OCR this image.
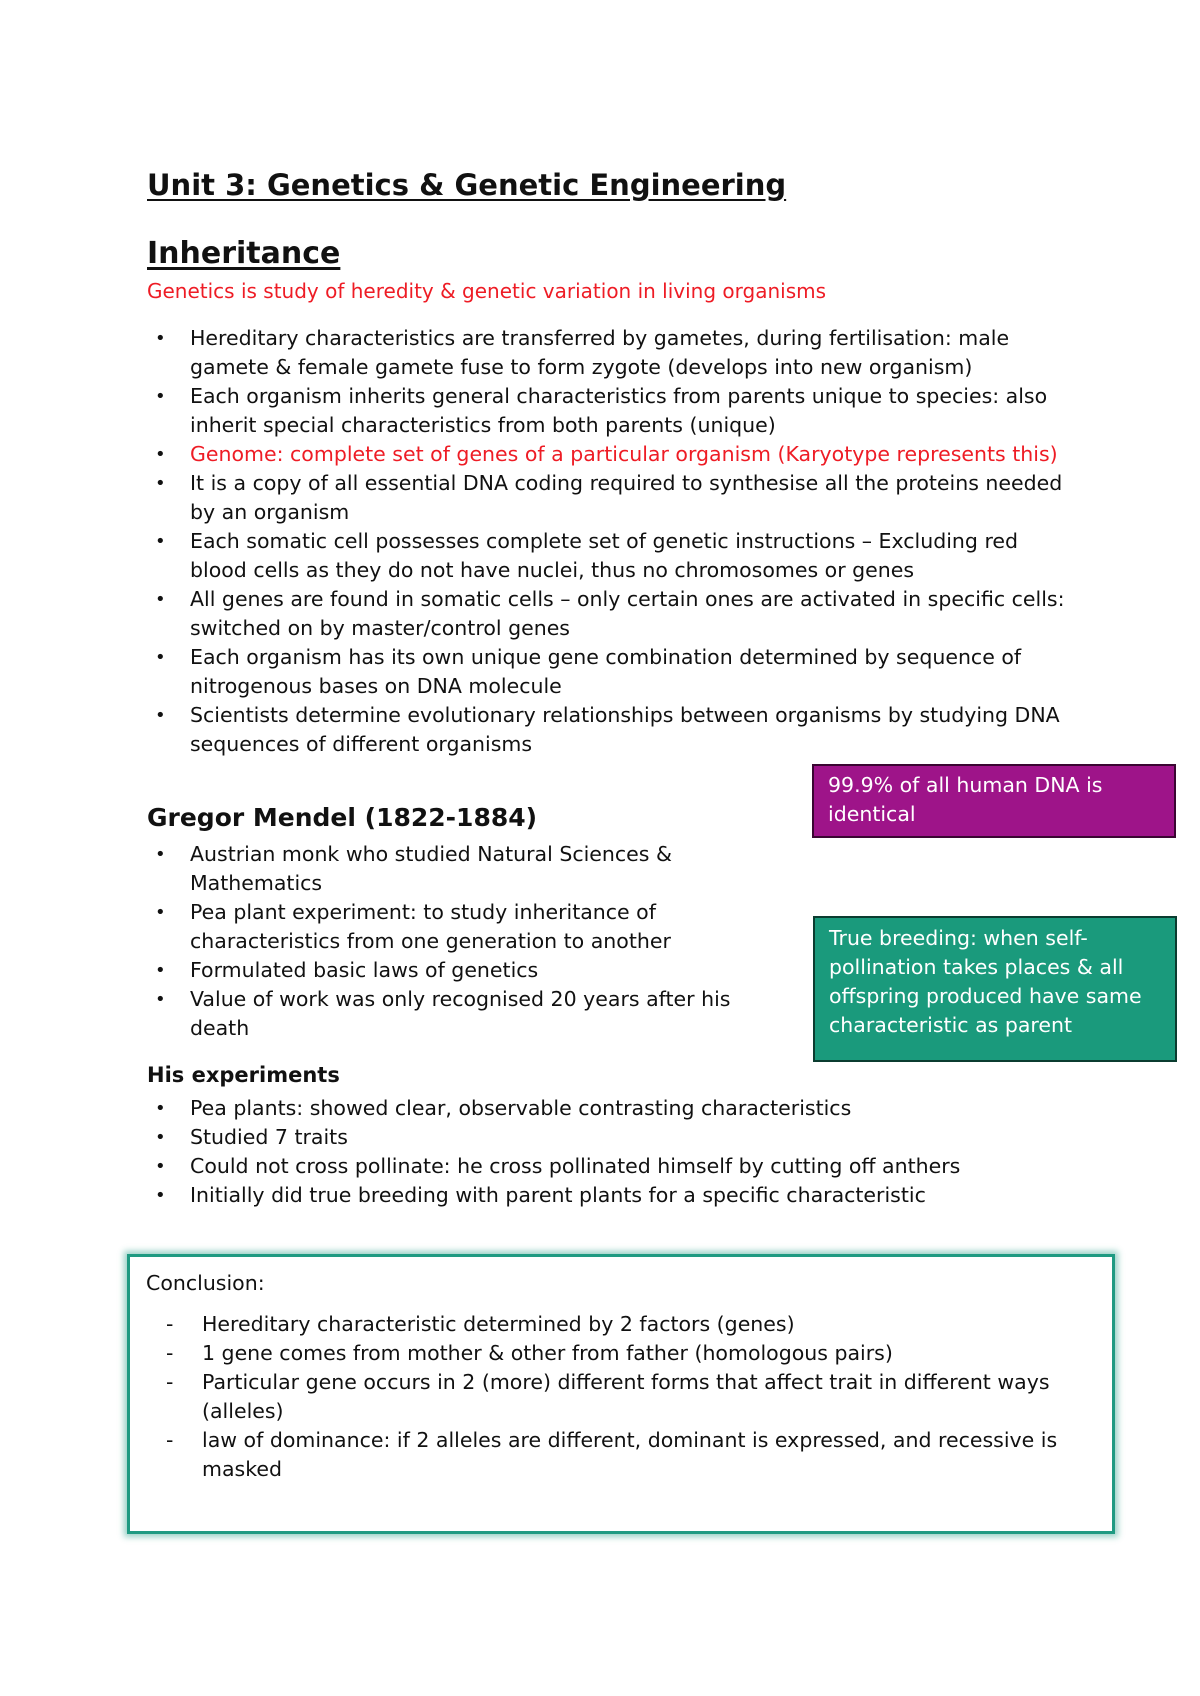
Unit 3: Genetics & Genetic Engineering
Inheritance
Genetics is study of heredity & genetic variation in living organisms
• Hereditary characteristics are transferred by gametes, during fertilisation: male gamete & female gamete fuse to form zygote (develops into new organism)
• Each organism inherits general characteristics from parents unique to species: also inherit special characteristics from both parents (unique)
• Genome: complete set of genes of a particular organism (Karyotype represents this)
• It is a copy of all essential DNA coding required to synthesise all the proteins needed by an organism
• Each somatic cell possesses complete set of genetic instructions – Excluding red blood cells as they do not have nuclei, thus no chromosomes or genes
• All genes are found in somatic cells – only certain ones are activated in specific cells: switched on by master/control genes
• Each organism has its own unique gene combination determined by sequence of nitrogenous bases on DNA molecule
• Scientists determine evolutionary relationships between organisms by studying DNA sequences of different organisms
99.9% of all human DNA is identical
Gregor Mendel (1822-1884)
• Austrian monk who studied Natural Sciences & Mathematics
• Pea plant experiment: to study inheritance of characteristics from one generation to another
• Formulated basic laws of genetics
• Value of work was only recognised 20 years after his death
True breeding: when self-pollination takes places & all offspring produced have same characteristic as parent
His experiments
• Pea plants: showed clear, observable contrasting characteristics
• Studied 7 traits
• Could not cross pollinate: he cross pollinated himself by cutting off anthers
• Initially did true breeding with parent plants for a specific characteristic

Conclusion:

- Hereditary characteristic determined by 2 factors (genes)
- 1 gene comes from mother & other from father (homologous pairs)
- Particular gene occurs in 2 (more) different forms that affect trait in different ways (alleles)
- law of dominance: if 2 alleles are different, dominant is expressed, and recessive is masked
